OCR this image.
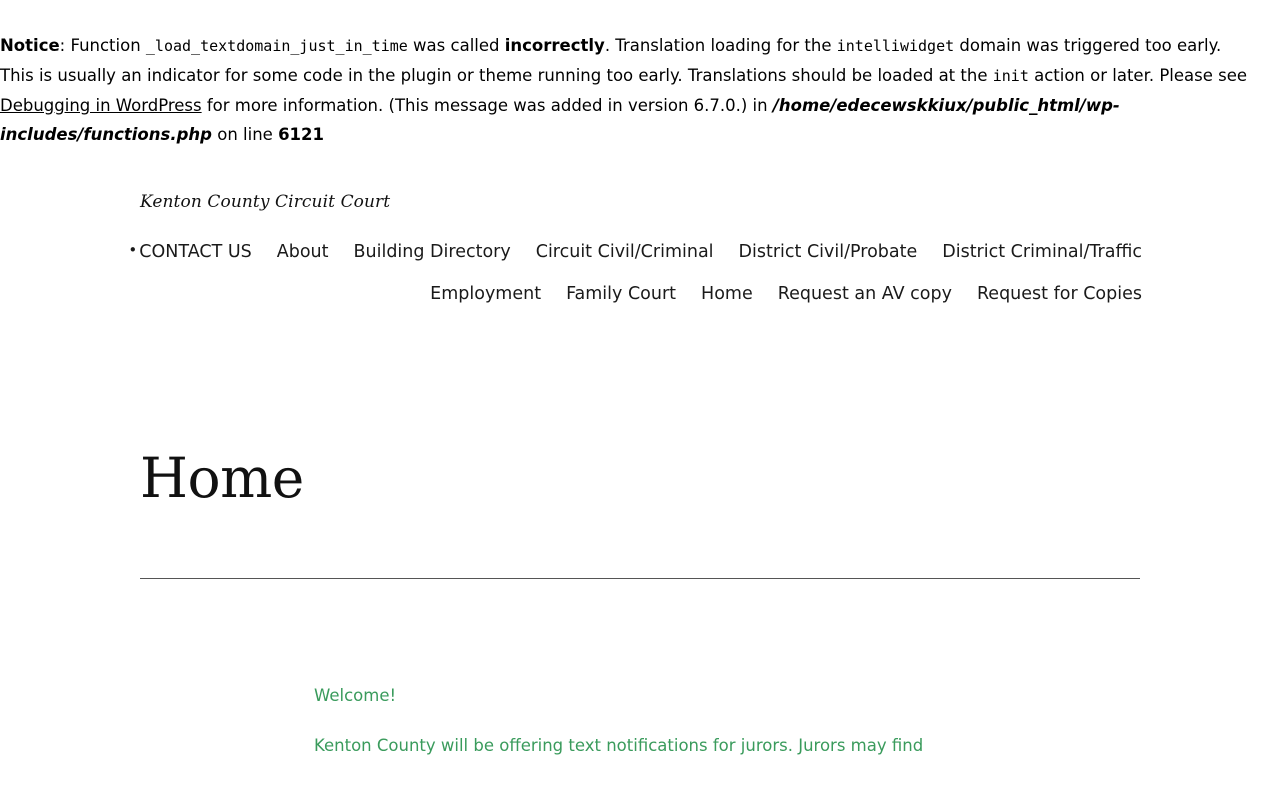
Notice: Function _load_textdomain_just_in_time was called incorrectly. Translation loading for the intelliwidget domain was triggered too early. This is usually an indicator for some code in the plugin or theme running too early. Translations should be loaded at the init action or later. Please see Debugging in WordPress for more information. (This message was added in version 6.7.0.) in /home/edecewskkiux/public_html/wp-includes/functions.php on line 6121
Kenton County Circuit Court
• CONTACT US About Building Directory Circuit Civil/Criminal District Civil/Probate District Criminal/Traffic
Employment Family Court Home Request an AV copy Request for Copies
Home

Welcome!

Kenton County will be offering text notifications for jurors. Jurors may find
